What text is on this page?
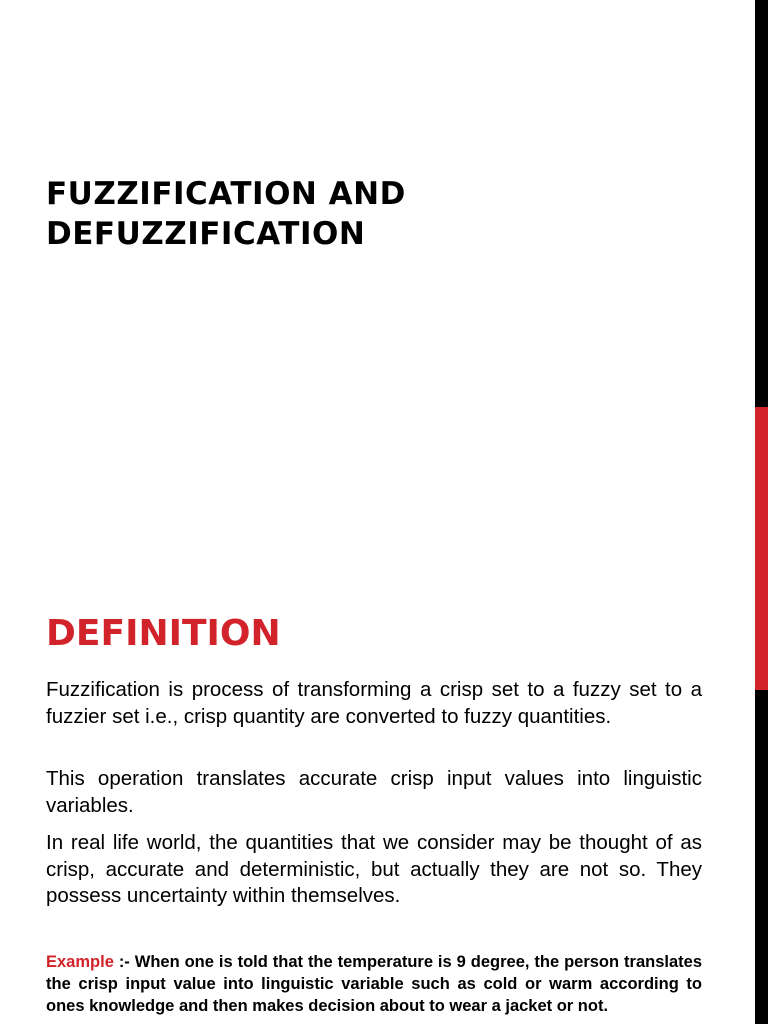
FUZZIFICATION AND
DEFUZZIFICATION
DEFINITION

Fuzzification is process of transforming a crisp set to a fuzzy set to a fuzzier set i.e., crisp quantity are converted to fuzzy quantities.

This operation translates accurate crisp input values into linguistic variables.

In real life world, the quantities that we consider may be thought of as crisp, accurate and deterministic, but actually they are not so. They possess uncertainty within themselves.

Example :- When one is told that the temperature is 9 degree, the person translates the crisp input value into linguistic variable such as cold or warm according to ones knowledge and then makes decision about to wear a jacket or not.
